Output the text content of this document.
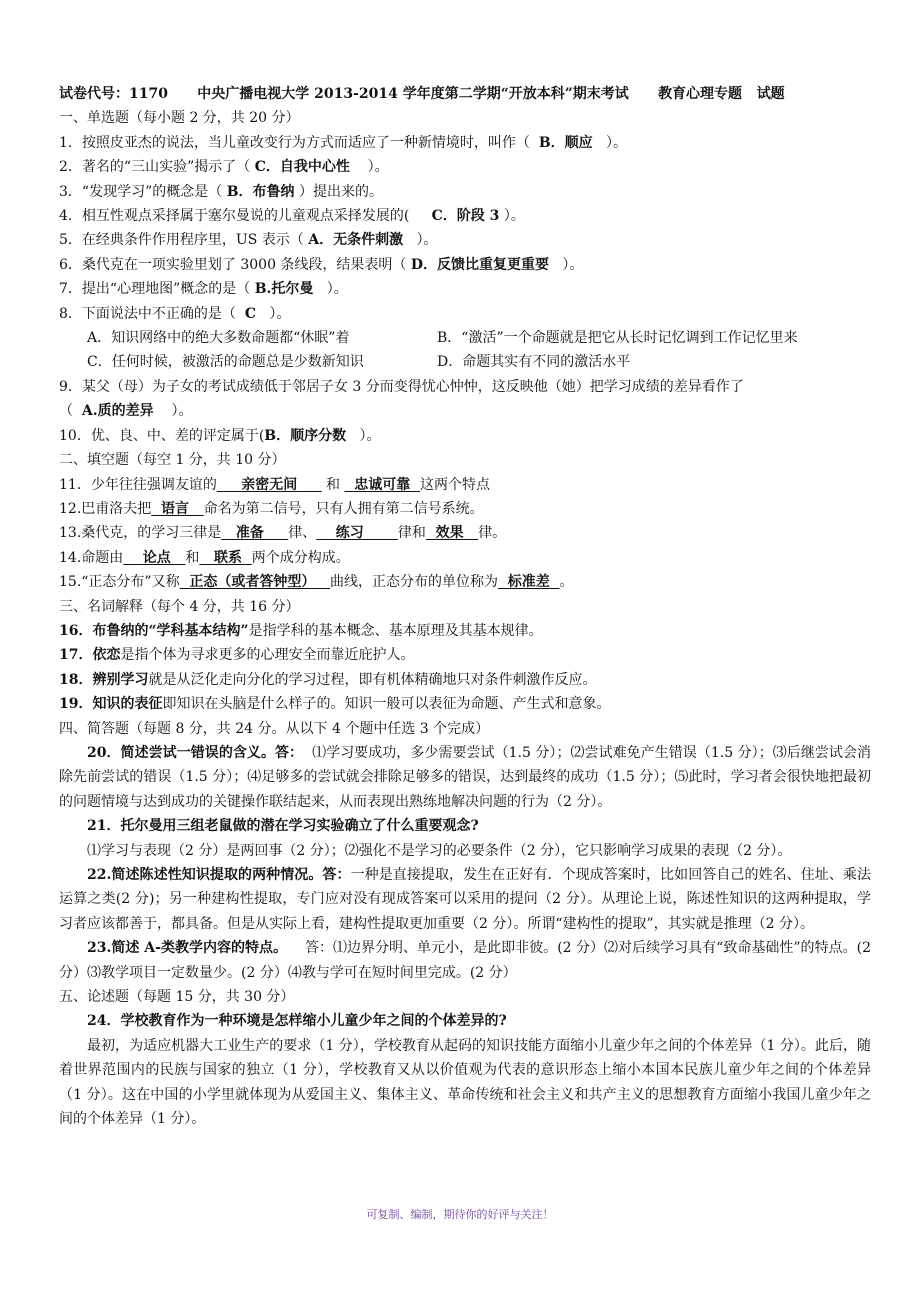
试卷代号：1170 中央广播电视大学 2013-2014 学年度第二学期“开放本科”期末考试 教育心理专题 试题
一、单选题（每小题 2 分，共 20 分）
1．按照皮亚杰的说法，当儿童改变行为方式而适应了一种新情境时，叫作（ B．顺应 ）。
2．著名的“三山实验”揭示了（ C．自我中心性 ）。
3．“发现学习”的概念是（ B．布鲁纳 ）提出来的。
4．相互性观点采择属于塞尔曼说的儿童观点采择发展的( C．阶段 3 ）。
5．在经典条件作用程序里，US 表示（ A．无条件刺激 ）。
6．桑代克在一项实验里划了 3000 条线段，结果表明（ D．反馈比重复更重要 ）。
7．提出“心理地图”概念的是（ B.托尔曼 ）。
8．下面说法中不正确的是（ C ）。
A．知识网络中的绝大多数命题都“休眠”着	B．“激活”一个命题就是把它从长时记忆调到工作记忆里来
C．任何时候，被激活的命题总是少数新知识	D．命题其实有不同的激活水平
9．某父（母）为子女的考试成绩低于邻居子女 3 分而变得忧心忡忡，这反映他（她）把学习成绩的差异看作了
（ A.质的差异 ）。
10．优、良、中、差的评定属于(B．顺序分数 ）。
二、填空题（每空 1 分，共 10 分）
11．少年往往强调友谊的 亲密无间 和 忠诚可靠 这两个特点
12.巴甫洛夫把 语言 命名为第二信号，只有人拥有第二信号系统。
13.桑代克，的学习三律是 准备 律、 练习 律和 效果 律。
14.命题由 论点 和 联系 两个成分构成。
15.“正态分布”又称 正态（或者答钟型） 曲线，正态分布的单位称为 标准差 。
三、名词解释（每个 4 分，共 16 分）
16．布鲁纳的“学科基本结构”是指学科的基本概念、基本原理及其基本规律。
17．依恋是指个体为寻求更多的心理安全而靠近庇护人。
18．辨别学习就是从泛化走向分化的学习过程，即有机体精确地只对条件刺激作反应。
19．知识的表征即知识在头脑是什么样子的。知识一般可以表征为命题、产生式和意象。
四、简答题（每题 8 分，共 24 分。从以下 4 个题中任选 3 个完成）
20．简述尝试一错误的含义。答： ⑴学习要成功，多少需要尝试（1.5 分）；⑵尝试难免产生错误（1.5 分）；⑶后继尝试会消除先前尝试的错误（1.5 分）；⑷足够多的尝试就会排除足够多的错误，达到最终的成功（1.5 分）；⑸此时，学习者会很快地把最初的问题情境与达到成功的关键操作联结起来，从而表现出熟练地解决问题的行为（2 分）。
21．托尔曼用三组老鼠做的潜在学习实验确立了什么重要观念?
⑴学习与表现（2 分）是两回事（2 分）；⑵强化不是学习的必要条件（2 分），它只影响学习成果的表现（2 分）。
22.简述陈述性知识提取的两种情况。答：一种是直接提取，发生在正好有．个现成答案时，比如回答自己的姓名、住址、乘法运算之类(2 分)；另一种建构性提取，专门应对没有现成答案可以采用的提问（2 分）。从理论上说，陈述性知识的这两种提取，学习者应该都善于，都具备。但是从实际上看，建构性提取更加重要（2 分）。所谓“建构性的提取”，其实就是推理（2 分）。
23.简述 A-类教学内容的特点。 答：⑴边界分明、单元小，是此即非彼。(2 分）⑵对后续学习具有“致命基础性”的特点。(2 分）⑶教学项目一定数量少。(2 分）⑷教与学可在短时间里完成。(2 分）
五、论述题（每题 15 分，共 30 分）
24．学校教育作为一种环境是怎样缩小儿童少年之间的个体差异的?
最初，为适应机器大工业生产的要求（1 分），学校教育从起码的知识技能方面缩小儿童少年之间的个体差异（1 分）。此后，随着世界范围内的民族与国家的独立（1 分），学校教育又从以价值观为代表的意识形态上缩小本国本民族儿童少年之间的个体差异（1 分）。这在中国的小学里就体现为从爱国主义、集体主义、革命传统和社会主义和共产主义的思想教育方面缩小我国儿童少年之间的个体差异（1 分）。
可复制、编制，期待你的好评与关注！
